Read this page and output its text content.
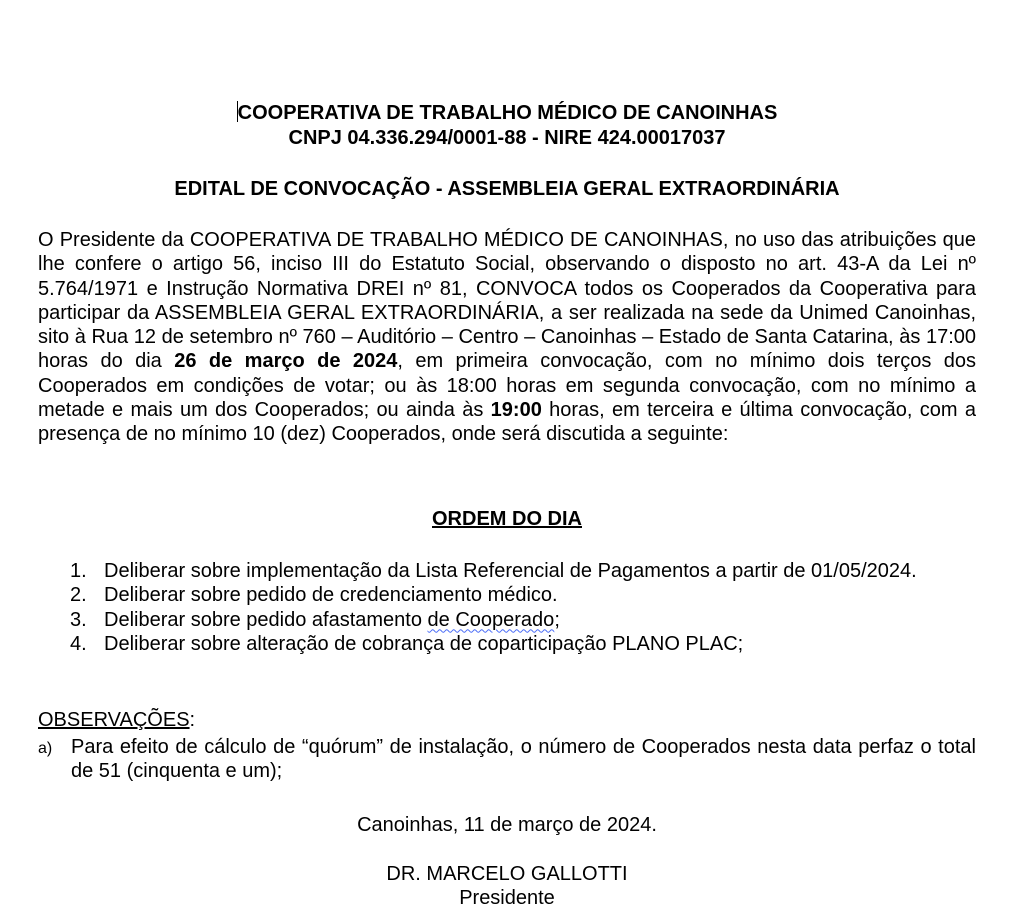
COOPERATIVA DE TRABALHO MÉDICO DE CANOINHAS
CNPJ 04.336.294/0001-88 - NIRE 424.00017037
EDITAL DE CONVOCAÇÃO - ASSEMBLEIA GERAL EXTRAORDINÁRIA
O Presidente da COOPERATIVA DE TRABALHO MÉDICO DE CANOINHAS, no uso das atribuições que lhe confere o artigo 56, inciso III do Estatuto Social, observando o disposto no art. 43-A da Lei nº 5.764/1971 e Instrução Normativa DREI nº 81, CONVOCA todos os Cooperados da Cooperativa para participar da ASSEMBLEIA GERAL EXTRAORDINÁRIA, a ser realizada na sede da Unimed Canoinhas, sito à Rua 12 de setembro nº 760 – Auditório – Centro – Canoinhas – Estado de Santa Catarina, às 17:00 horas do dia 26 de março de 2024, em primeira convocação, com no mínimo dois terços dos Cooperados em condições de votar; ou às 18:00 horas em segunda convocação, com no mínimo a metade e mais um dos Cooperados; ou ainda às 19:00 horas, em terceira e última convocação, com a presença de no mínimo 10 (dez) Cooperados, onde será discutida a seguinte:
ORDEM DO DIA
1. Deliberar sobre implementação da Lista Referencial de Pagamentos a partir de 01/05/2024.
2. Deliberar sobre pedido de credenciamento médico.
3. Deliberar sobre pedido afastamento de Cooperado;
4. Deliberar sobre alteração de cobrança de coparticipação PLANO PLAC;
OBSERVAÇÕES:
a) Para efeito de cálculo de “quórum” de instalação, o número de Cooperados nesta data perfaz o total de 51 (cinquenta e um);
Canoinhas, 11 de março de 2024.
DR. MARCELO GALLOTTI
Presidente
